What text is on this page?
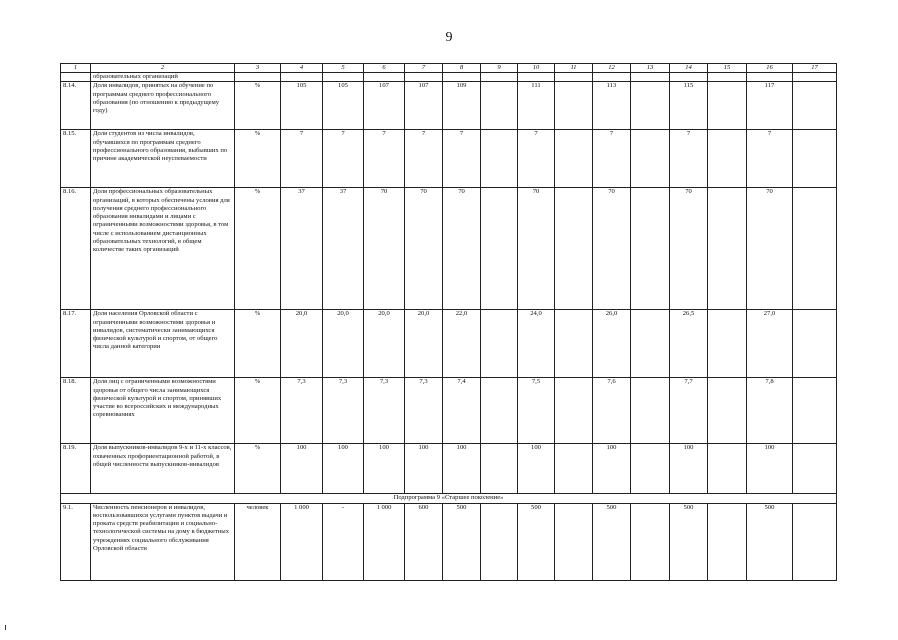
9
1	2	3	4	5	6	7	8	9	10	11	12	13	14	15	16	17
	образовательных организаций															
8.14.	Доля инвалидов, принятых на обучение по программам среднего профессионального образования (по отношению к предыдущему году)	%	105	105	107	107	109		111		113		115		117	
8.15.	Доля студентов из числа инвалидов, обучавшихся по программам среднего профессионального образования, выбывших по причине академической неуспеваемости	%	7	7	7	7	7		7		7		7		7	
8.16.	Доля профессиональных образовательных организаций, в которых обеспечены условия для получения среднего профессионального образования инвалидами и лицами с ограниченными возможностями здоровья, в том числе с использованием дистанционных образовательных технологий, в общем количестве таких организаций	%	37	37	70	70	70		70		70		70		70	
8.17.	Доля населения Орловской области с ограниченными возможностями здоровья и инвалидов, систематически занимающихся физической культурой и спортом, от общего числа данной категории	%	20,0	20,0	20,0	20,0	22,0		24,0		26,0		26,5		27,0	
8.18.	Доля лиц с ограниченными возможностями здоровья от общего числа занимающихся физической культурой и спортом, принявших участие во всероссийских и международных соревнованиях	%	7,3	7,3	7,3	7,3	7,4		7,5		7,6		7,7		7,8	
8.19.	Доля выпускников-инвалидов 9-х и 11-х классов, охваченных профориентационной работой, в общей численности выпускников-инвалидов	%	100	100	100	100	100		100		100		100		100	
Подпрограмма 9 «Старшее поколение»																
9.1.	Численность пенсионеров и инвалидов, воспользовавшихся услугами пунктов выдачи и проката средств реабилитации и социально-технологической системы на дому в бюджетных учреждениях социального обслуживания Орловской области	человек	1 000	-	1 000	600	500		500		500		500		500	
